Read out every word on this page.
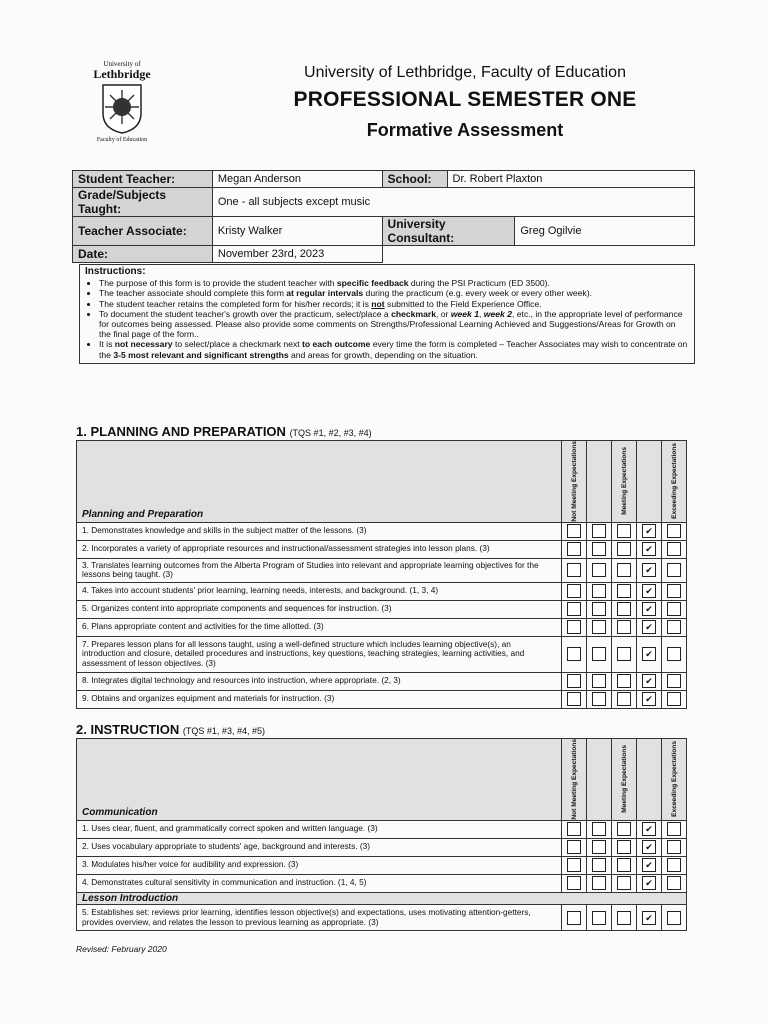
University of
Lethbridge
Faculty of Education
University of Lethbridge, Faculty of Education
PROFESSIONAL SEMESTER ONE
Formative Assessment
Student Teacher:	Megan Anderson	School:	Dr. Robert Plaxton	
Grade/Subjects Taught:	One - all subjects except music			
Teacher Associate:	Kristy Walker	University Consultant:		Greg Ogilvie
Date:	November 23rd, 2023			
Instructions:
• The purpose of this form is to provide the student teacher with specific feedback during the PSI Practicum (ED 3500).
• The teacher associate should complete this form at regular intervals during the practicum (e.g. every week or every other week).
• The student teacher retains the completed form for his/her records; it is not submitted to the Field Experience Office.
• To document the student teacher's growth over the practicum, select/place a checkmark, or week 1, week 2, etc., in the appropriate level of performance for outcomes being assessed. Please also provide some comments on Strengths/Professional Learning Achieved and Suggestions/Areas for Growth on the final page of the form..
• It is not necessary to select/place a checkmark next to each outcome every time the form is completed – Teacher Associates may wish to concentrate on the 3-5 most relevant and significant strengths and areas for growth, depending on the situation.
1. PLANNING AND PREPARATION (TQS #1, #2, #3, #4)
Planning and Preparation	Not Meeting Expectations		Meeting Expectations		Exceeding Expectations

1. Demonstrates knowledge and skills in the subject matter of the lessons. (3)				✔	
2. Incorporates a variety of appropriate resources and instructional/assessment strategies into lesson plans. (3)				✔	
3. Translates learning outcomes from the Alberta Program of Studies into relevant and appropriate learning objectives for the lessons being taught. (3)				✔	
4. Takes into account students' prior learning, learning needs, interests, and background. (1, 3, 4)				✔	
5. Organizes content into appropriate components and sequences for instruction. (3)				✔	
6. Plans appropriate content and activities for the time allotted. (3)				✔	
7. Prepares lesson plans for all lessons taught, using a well-defined structure which includes learning objective(s), an introduction and closure, detailed procedures and instructions, key questions, teaching strategies, learning activities, and assessment of lesson objectives. (3)				✔	
8. Integrates digital technology and resources into instruction, where appropriate. (2, 3)				✔	
9. Obtains and organizes equipment and materials for instruction. (3)				✔	
2. INSTRUCTION (TQS #1, #3, #4, #5)
Communication	Not Meeting Expectations		Meeting Expectations		Exceeding Expectations

1. Uses clear, fluent, and grammatically correct spoken and written language. (3)				✔	
2. Uses vocabulary appropriate to students' age, background and interests. (3)				✔	
3. Modulates his/her voice for audibility and expression. (3)				✔	
4. Demonstrates cultural sensitivity in communication and instruction. (1, 4, 5)				✔	
Lesson Introduction					
5. Establishes set: reviews prior learning, identifies lesson objective(s) and expectations, uses motivating attention-getters, provides overview, and relates the lesson to previous learning as appropriate. (3)				✔	
Revised: February 2020
